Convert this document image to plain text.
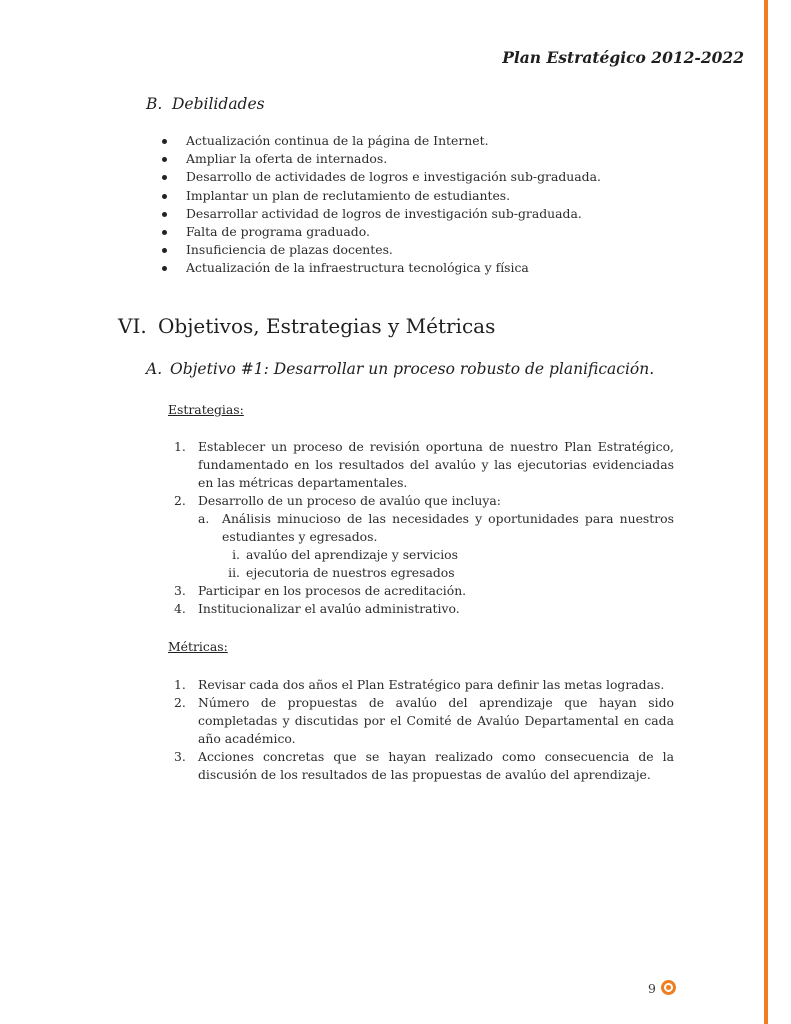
Plan Estratégico 2012-2022
B. Debilidades
Actualización continua de la página de Internet.
Ampliar la oferta de internados.
Desarrollo de actividades de logros e investigación sub-graduada.
Implantar un plan de reclutamiento de estudiantes.
Desarrollar actividad de logros de investigación sub-graduada.
Falta de programa graduado.
Insuficiencia de plazas docentes.
Actualización de la infraestructura tecnológica y física
VI. Objetivos, Estrategias y Métricas
A. Objetivo #1: Desarrollar un proceso robusto de planificación.
Estrategias:
1. Establecer un proceso de revisión oportuna de nuestro Plan Estratégico, fundamentado en los resultados del avalúo y las ejecutorias evidenciadas en las métricas departamentales.
2. Desarrollo de un proceso de avalúo que incluya:
a. Análisis minucioso de las necesidades y oportunidades para nuestros estudiantes y egresados.
i. avalúo del aprendizaje y servicios
ii. ejecutoria de nuestros egresados
3. Participar en los procesos de acreditación.
4. Institucionalizar el avalúo administrativo.
Métricas:
1. Revisar cada dos años el Plan Estratégico para definir las metas logradas.
2. Número de propuestas de avalúo del aprendizaje que hayan sido completadas y discutidas por el Comité de Avalúo Departamental en cada año académico.
3. Acciones concretas que se hayan realizado como consecuencia de la discusión de los resultados de las propuestas de avalúo del aprendizaje.
9
